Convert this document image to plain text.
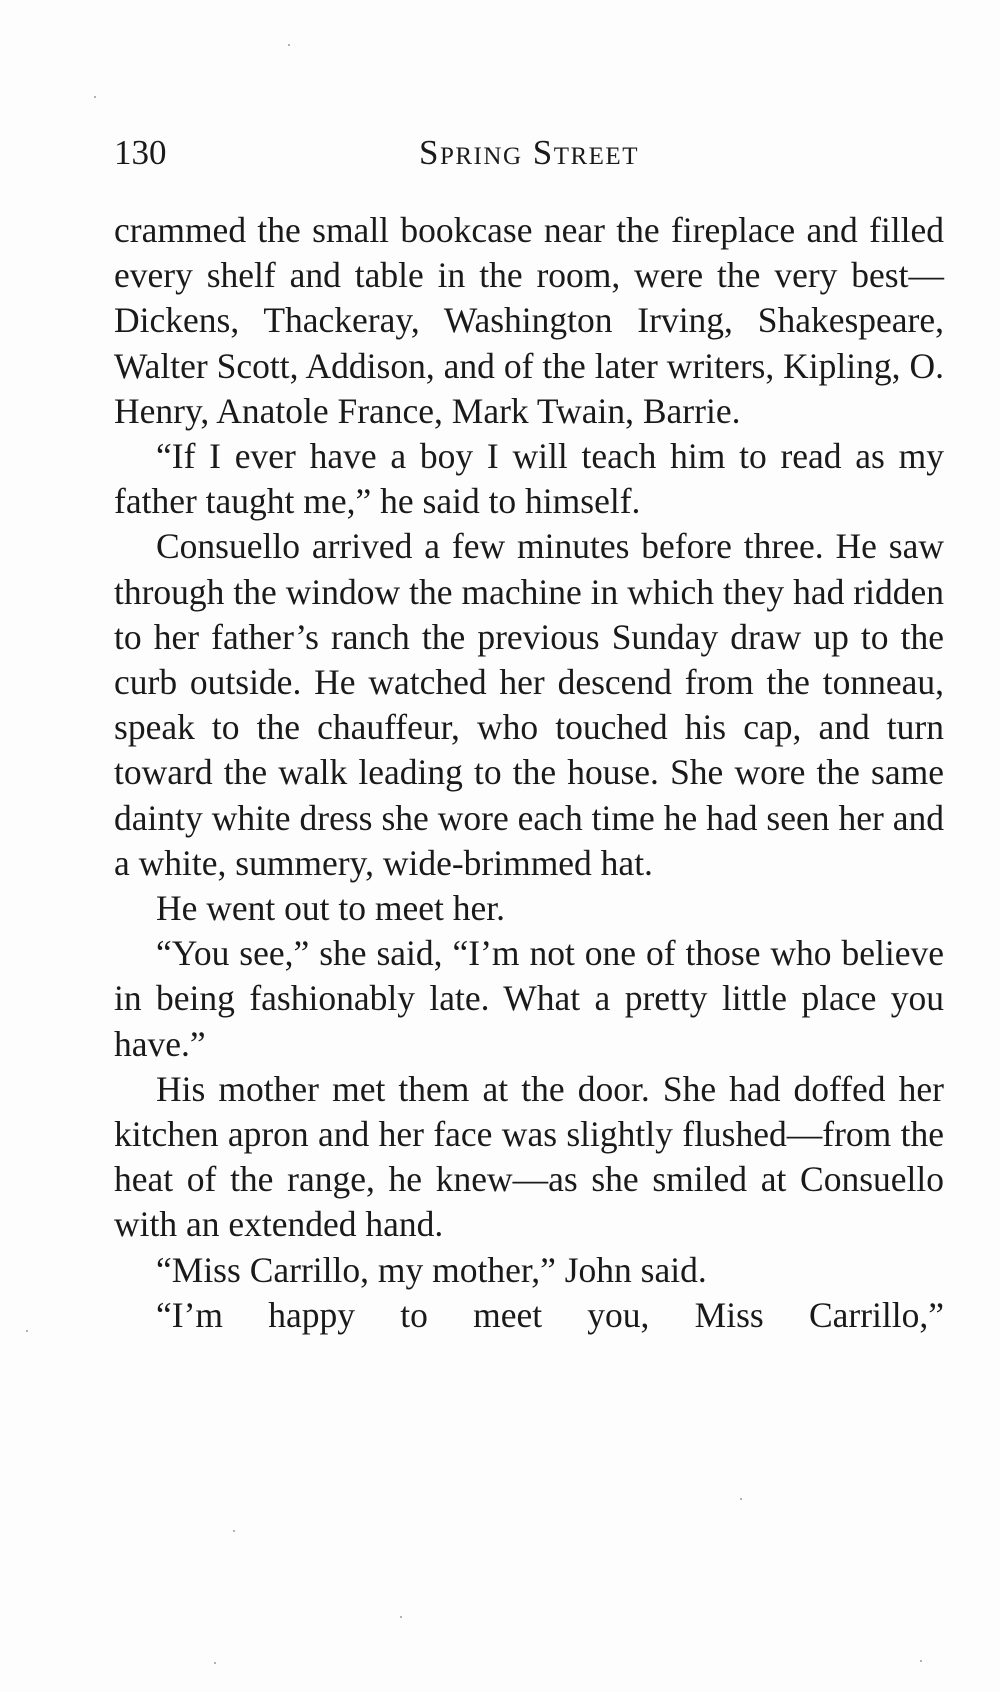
130	Spring Street

crammed the small bookcase near the fireplace and filled every shelf and table in the room, were the very best—Dickens, Thackeray, Washington Irving, Shakespeare, Walter Scott, Addison, and of the later writers, Kipling, O. Henry, Anatole France, Mark Twain, Barrie.

“If I ever have a boy I will teach him to read as my father taught me,” he said to himself.

Consuello arrived a few minutes before three. He saw through the window the machine in which they had ridden to her father’s ranch the previous Sunday draw up to the curb outside. He watched her descend from the tonneau, speak to the chauffeur, who touched his cap, and turn toward the walk leading to the house. She wore the same dainty white dress she wore each time he had seen her and a white, summery, wide-brimmed hat.

He went out to meet her.

“You see,” she said, “I’m not one of those who believe in being fashionably late. What a pretty little place you have.”

His mother met them at the door. She had doffed her kitchen apron and her face was slightly flushed—from the heat of the range, he knew—as she smiled at Consuello with an extended hand.

“Miss Carrillo, my mother,” John said.

“I’m happy to meet you, Miss Carrillo,”
